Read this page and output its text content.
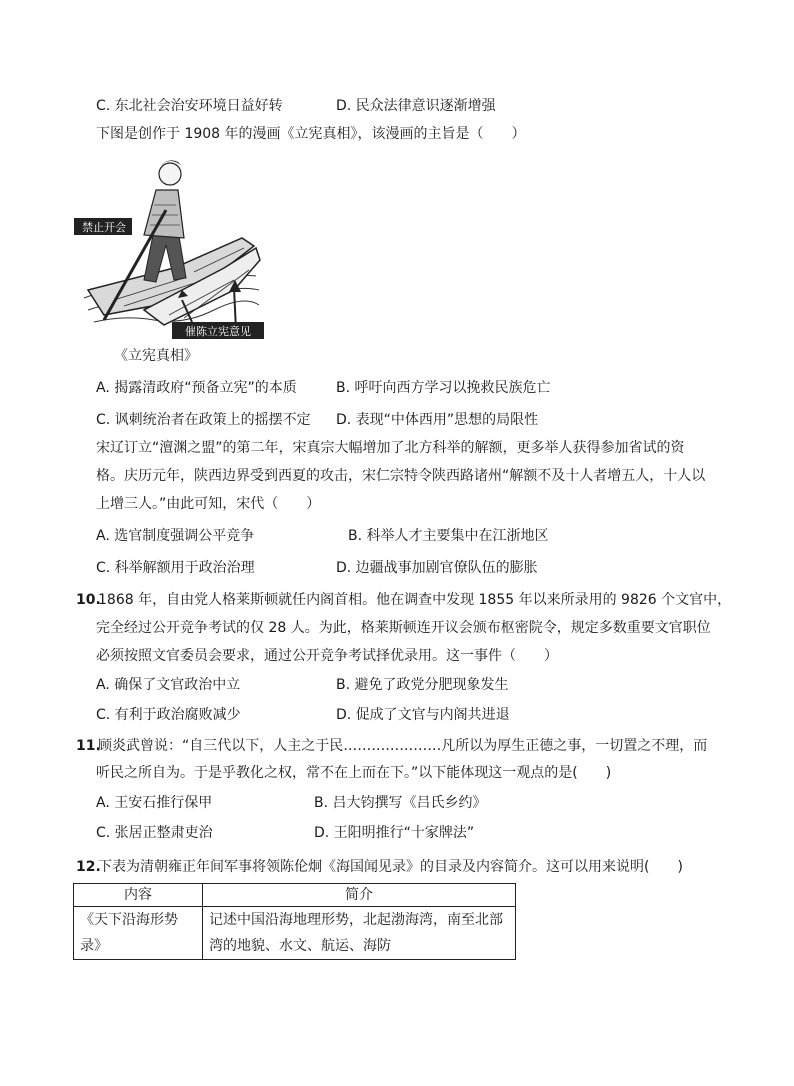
C. 东北社会治安环境日益好转	D. 民众法律意识逐渐增强
下图是创作于 1908 年的漫画《立宪真相》，该漫画的主旨是（　　）
禁止开会
催陈立宪意见
《立宪真相》
A. 揭露清政府“预备立宪”的本质	B. 呼吁向西方学习以挽救民族危亡
C. 讽刺统治者在政策上的摇摆不定 D. 表现“中体西用”思想的局限性
宋辽订立“澶渊之盟”的第二年，宋真宗大幅增加了北方科举的解额，更多举人获得参加省试的资
格。庆历元年，陕西边界受到西夏的攻击，宋仁宗特令陕西路诸州“解额不及十人者增五人，十人以
上增三人。”由此可知，宋代（　　）
A. 选官制度强调公平竞争	B. 科举人才主要集中在江浙地区
C. 科举解额用于政治治理	D. 边疆战事加剧官僚队伍的膨胀
10.
1868 年，自由党人格莱斯顿就任内阁首相。他在调查中发现 1855 年以来所录用的 9826 个文官中，
完全经过公开竞争考试的仅 28 人。为此，格莱斯顿连开议会颁布枢密院令，规定多数重要文官职位
必须按照文官委员会要求，通过公开竞争考试择优录用。这一事件（　　）
A. 确保了文官政治中立	B. 避免了政党分肥现象发生
C. 有利于政治腐败减少	D. 促成了文官与内阁共进退
11.
顾炎武曾说：“自三代以下，人主之于民…………………凡所以为厚生正德之事，一切置之不理，而
听民之所自为。于是乎教化之权，常不在上而在下。”以下能体现这一观点的是(　　)
A. 王安石推行保甲	B. 吕大钧撰写《吕氏乡约》
C. 张居正整肃吏治	D. 王阳明推行“十家牌法”
12.
下表为清朝雍正年间军事将领陈伦炯《海国闻见录》的目录及内容简介。这可以用来说明(　　)
内容	简介
《天下沿海形势录》	记述中国沿海地理形势，北起渤海湾，南至北部湾的地貌、水文、航运、海防
